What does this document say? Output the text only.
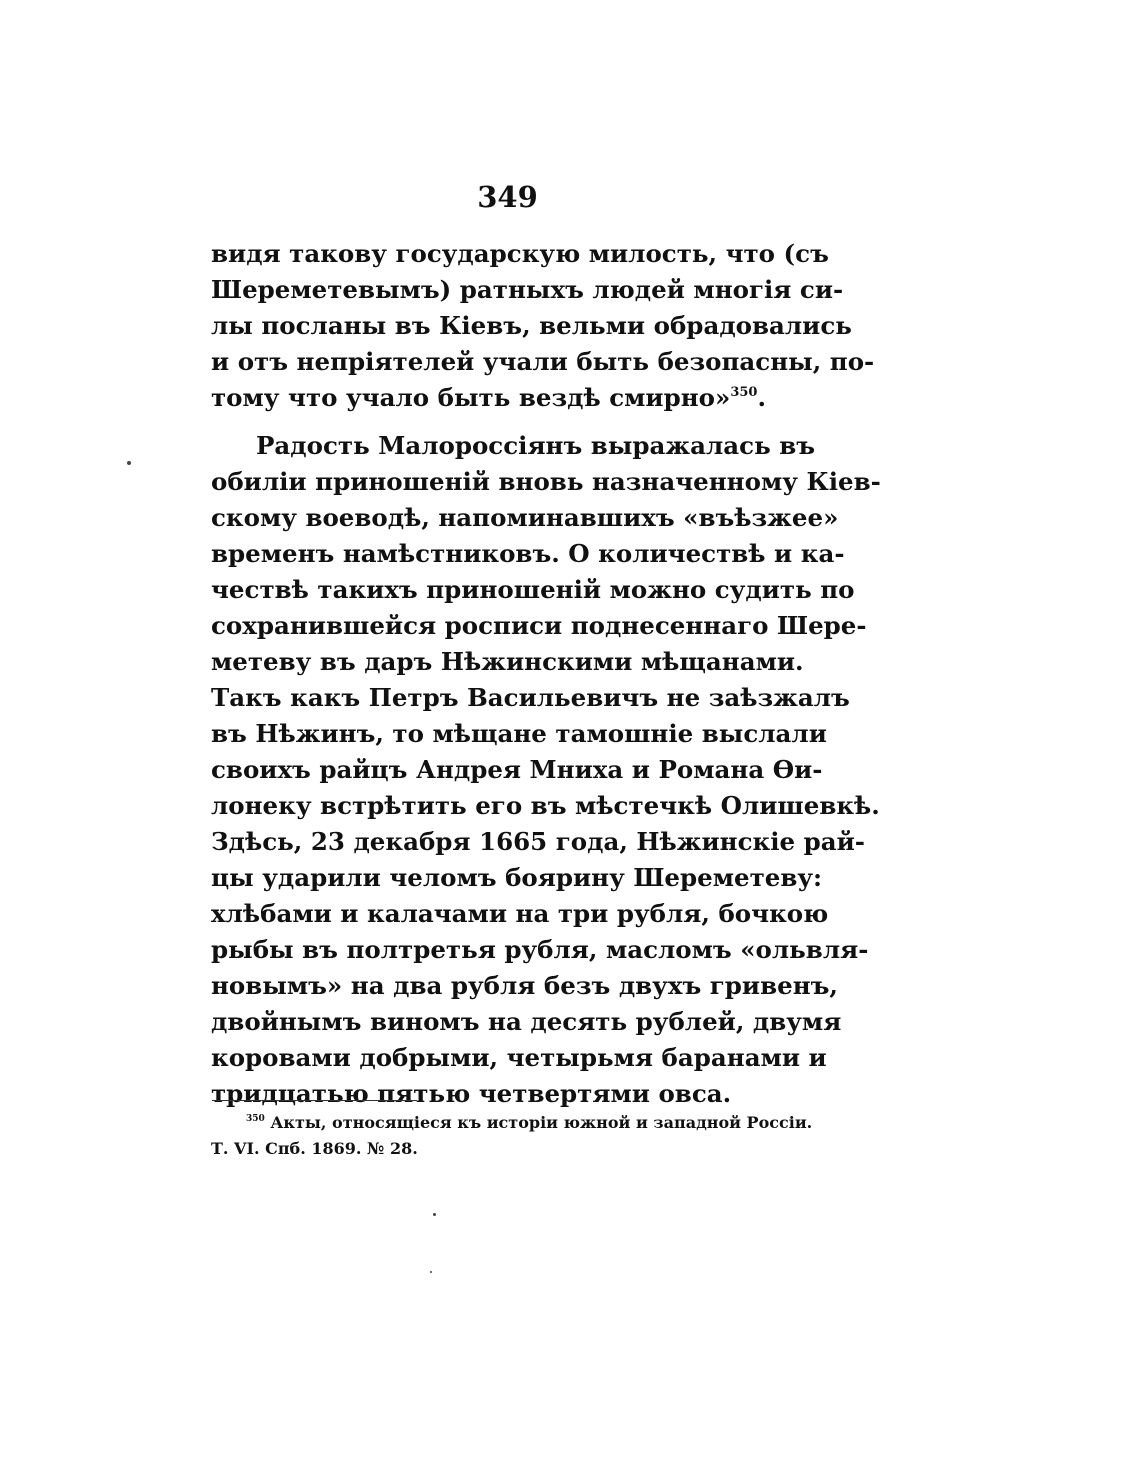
349
видя такову государскую милость, что (съ
Шереметевымъ) ратныхъ людей многія си-
лы посланы въ Кіевъ, вельми обрадовались
и отъ непріятелей учали быть безопасны, по-
тому что учало быть вездѣ смирно»$^{350}$.
Радость Малороссіянъ выражалась въ
обиліи приношеній вновь назначенному Кіев-
скому воеводѣ, напоминавшихъ «въѣзжее»
временъ намѣстниковъ. О количествѣ и ка-
чествѣ такихъ приношеній можно судить по
сохранившейся росписи поднесеннаго Шере-
метеву въ даръ Нѣжинскими мѣщанами.
Такъ какъ Петръ Васильевичъ не заѣзжалъ
въ Нѣжинъ, то мѣщане тамошніе выслали
своихъ райцъ Андрея Мниха и Романа Ѳи-
лонеку встрѣтить его въ мѣстечкѣ Олишевкѣ.
Здѣсь, 23 декабря 1665 года, Нѣжинскіе рай-
цы ударили челомъ боярину Шереметеву:
хлѣбами и калачами на три рубля, бочкою
рыбы въ полтретья рубля, масломъ «ольвля-
новымъ» на два рубля безъ двухъ гривенъ,
двойнымъ виномъ на десять рублей, двумя
коровами добрыми, четырьмя баранами и
тридцатью пятью четвертями овса.
$^{350}$ Акты, относящіеся къ исторіи южной и западной Россіи.
Т. VI. Спб. 1869. № 28.
